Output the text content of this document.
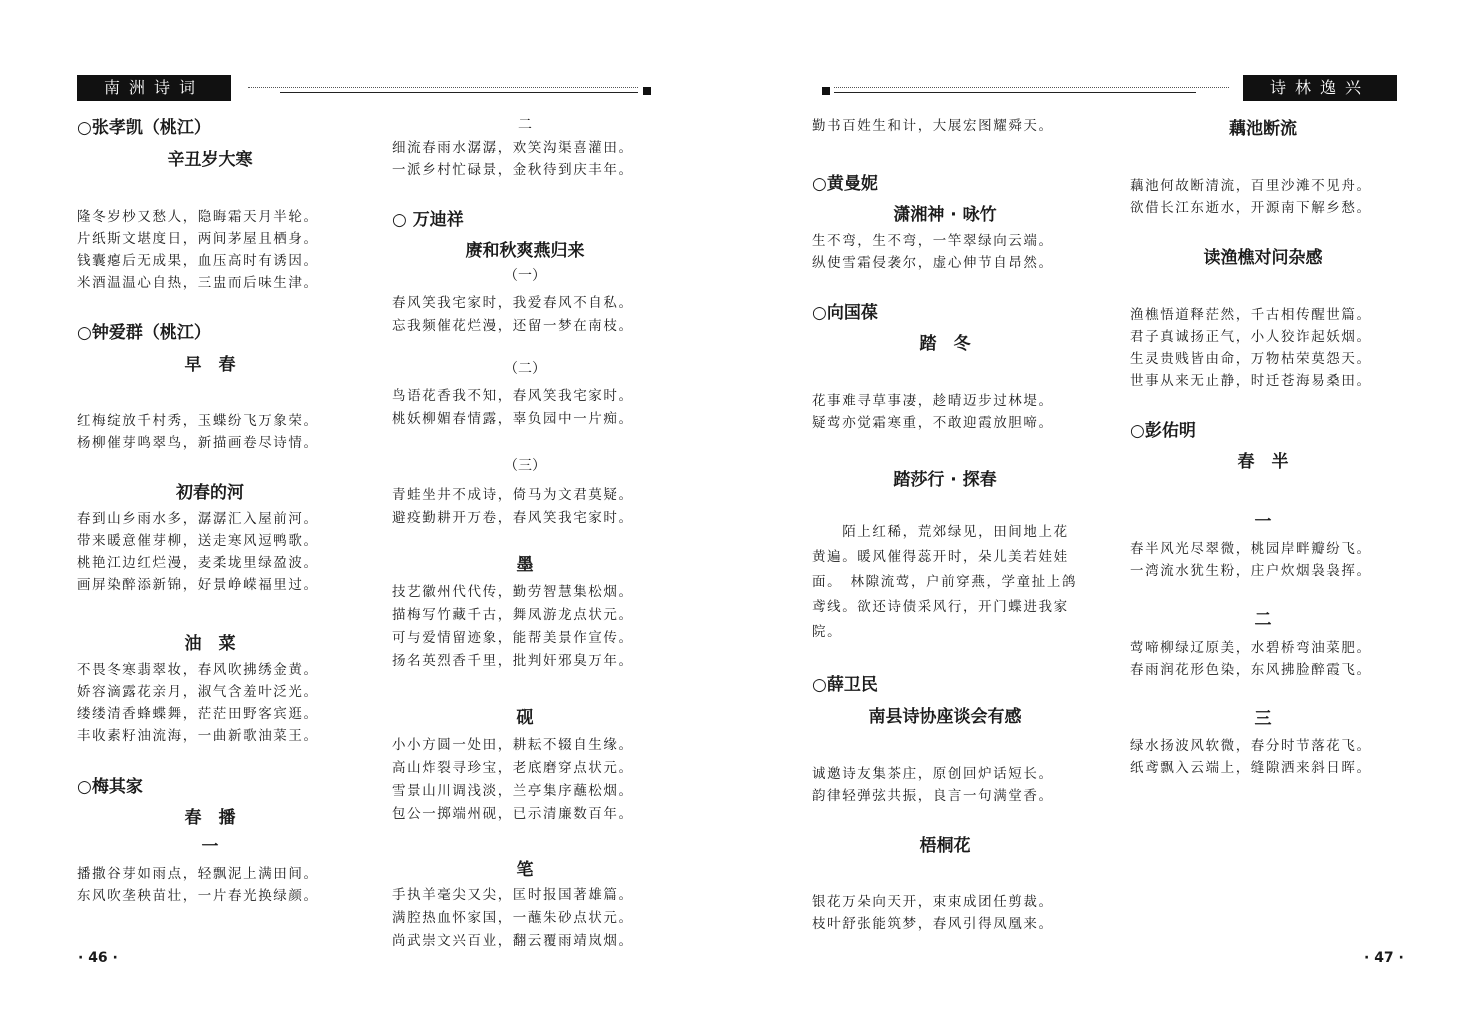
南洲诗词	诗林逸兴
○张孝凯（桃江）
辛丑岁大寒
隆冬岁杪又愁人，隐晦霜天月半轮。
片纸斯文堪度日，两间茅屋且栖身。
钱囊瘪后无成果，血压高时有诱因。
米酒温温心自热，三盅而后味生津。
○钟爱群（桃江）
早　春
红梅绽放千村秀，玉蝶纷飞万象荣。
杨柳催芽鸣翠鸟，新描画卷尽诗情。
初春的河
春到山乡雨水多，潺潺汇入屋前河。
带来暖意催芽柳，送走寒风逗鸭歌。
桃艳江边红烂漫，麦柔垅里绿盈波。
画屏染醉添新锦，好景峥嵘福里过。
油　菜
不畏冬寒翡翠妆，春风吹拂绣金黄。
娇容滴露花亲月，淑气含羞叶泛光。
缕缕清香蜂蝶舞，茫茫田野客宾逛。
丰收素籽油流海，一曲新歌油菜王。
○梅其家
春　播
一
播撒谷芽如雨点，轻飘泥上满田间。
东风吹垄秧苗壮，一片春光换绿颜。
二
细流春雨水潺潺，欢笑沟渠喜灌田。
一派乡村忙碌景，金秋待到庆丰年。
○ 万迪祥
赓和秋爽燕归来
（一）
春风笑我宅家时，我爱春风不自私。
忘我频催花烂漫，还留一梦在南枝。
（二）
鸟语花香我不知，春风笑我宅家时。
桃妖柳媚春情露，辜负园中一片痴。
（三）
青蛙坐井不成诗，倚马为文君莫疑。
避疫勤耕开万卷，春风笑我宅家时。
墨
技艺徽州代代传，勤劳智慧集松烟。
描梅写竹藏千古，舞凤游龙点状元。
可与爱情留迹象，能帮美景作宣传。
扬名英烈香千里，批判奸邪臭万年。
砚
小小方圆一处田，耕耘不辍自生缘。
高山炸裂寻珍宝，老底磨穿点状元。
雪景山川调浅淡，兰亭集序蘸松烟。
包公一掷端州砚，已示清廉数百年。
笔
手执羊毫尖又尖，匡时报国著雄篇。
满腔热血怀家国，一蘸朱砂点状元。
尚武崇文兴百业，翻云覆雨靖岚烟。
勤书百姓生和计，大展宏图耀舜天。
○黄曼妮
潇湘神 · 咏竹
生不弯，生不弯，一竿翠绿向云端。
纵使雪霜侵袭尔，虚心伸节自昂然。
○向国葆
踏　冬
花事难寻草事凄，趁晴迈步过林堤。
疑莺亦觉霜寒重，不敢迎霞放胆啼。
踏莎行 · 探春
　　陌上红稀，荒郊绿见，田间地上花黄遍。暖风催得蕊开时，朵儿美若娃娃面。　林隙流莺，户前穿燕，学童扯上鸽鸢线。欲还诗债采风行，开门蝶进我家院。
○薛卫民
南县诗协座谈会有感
诚邀诗友集茶庄，原创回炉话短长。
韵律轻弹弦共振，良言一句满堂香。
梧桐花
银花万朵向天开，束束成团任剪裁。
枝叶舒张能筑梦，春风引得凤凰来。
藕池断流
藕池何故断清流，百里沙滩不见舟。
欲借长江东逝水，开源南下解乡愁。
读渔樵对问杂感
渔樵悟道释茫然，千古相传醒世篇。
君子真诚扬正气，小人狡诈起妖烟。
生灵贵贱皆由命，万物枯荣莫怨天。
世事从来无止静，时迁苍海易桑田。
○彭佑明
春　半
一
春半风光尽翠微，桃园岸畔瓣纷飞。
一湾流水犹生粉，庄户炊烟袅袅挥。
二
莺啼柳绿辽原美，水碧桥弯油菜肥。
春雨润花形色染，东风拂脸醉霞飞。
三
绿水扬波风软微，春分时节落花飞。
纸鸢飘入云端上，缝隙洒来斜日晖。
· 46 ·	· 47 ·
